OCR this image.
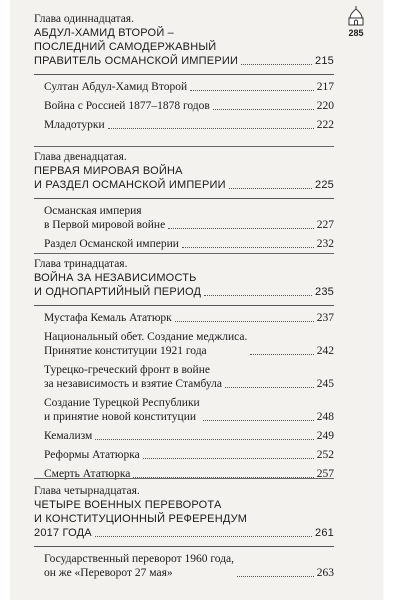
285
Глава одиннадцатая.
АБДУЛ-ХАМИД ВТОРОЙ –
ПОСЛЕДНИЙ САМОДЕРЖАВНЫЙ
ПРАВИТЕЛЬ ОСМАНСКОЙ ИМПЕРИИ	215
Султан Абдул-Хамид Второй	217
Война с Россией 1877–1878 годов	220
Младотурки	222
Глава двенадцатая.
ПЕРВАЯ МИРОВАЯ ВОЙНА
И РАЗДЕЛ ОСМАНСКОЙ ИМПЕРИИ	225
Османская империя
в Первой мировой войне	227
Раздел Османской империи	232
Глава тринадцатая.
ВОЙНА ЗА НЕЗАВИСИМОСТЬ
И ОДНОПАРТИЙНЫЙ ПЕРИОД	235
Мустафа Кемаль Ататюрк	237
Национальный обет. Создание меджлиса.
Принятие конституции 1921 года	242
Турецко-греческий фронт в войне
за независимость и взятие Стамбула	245
Создание Турецкой Республики
и принятие новой конституции	248
Кемализм	249
Реформы Ататюрка	252
Смерть Ататюрка	257
Глава четырнадцатая.
ЧЕТЫРЕ ВОЕННЫХ ПЕРЕВОРОТА
И КОНСТИТУЦИОННЫЙ РЕФЕРЕНДУМ
2017 ГОДА	261
Государственный переворот 1960 года,
он же «Переворот 27 мая»	263
